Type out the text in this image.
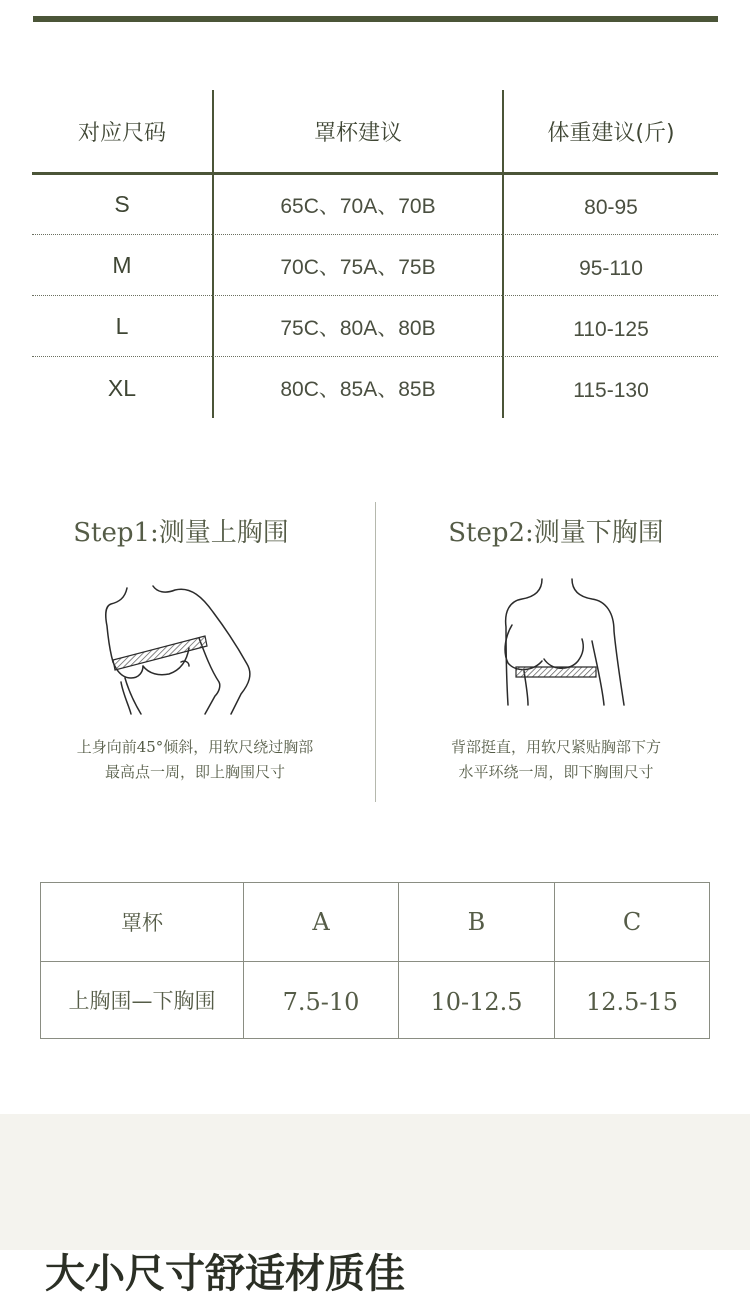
对应尺码	罩杯建议	体重建议(斤)
S	65C、70A、70B	80-95
M	70C、75A、75B	95-110
L	75C、80A、80B	110-125
XL	80C、85A、85B	115-130
Step1:测量上胸围
上身向前45°倾斜，用软尺绕过胸部
最高点一周，即上胸围尺寸
Step2:测量下胸围
背部挺直，用软尺紧贴胸部下方
水平环绕一周，即下胸围尺寸
罩杯	A	B	C
上胸围—下胸围	7.5-10	10-12.5	12.5-15
大小尺寸舒适材质佳
